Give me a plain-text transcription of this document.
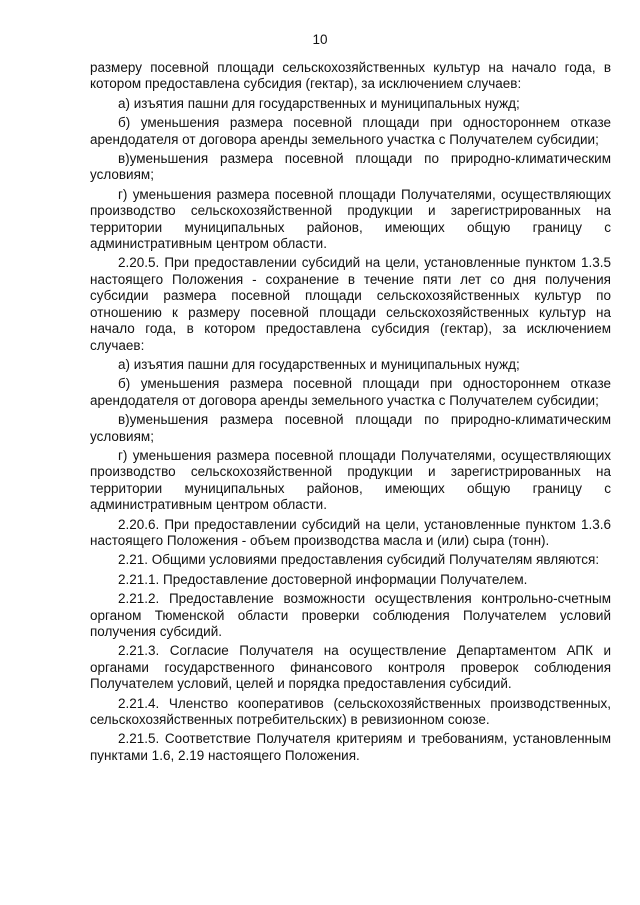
10

размеру посевной площади сельскохозяйственных культур на начало года, в котором предоставлена субсидия (гектар), за исключением случаев:

а) изъятия пашни для государственных и муниципальных нужд;

б) уменьшения размера посевной площади при одностороннем отказе арендодателя от договора аренды земельного участка с Получателем субсидии;

в)уменьшения размера посевной площади по природно-климатическим условиям;

г) уменьшения размера посевной площади Получателями, осуществляющих производство сельскохозяйственной продукции и зарегистрированных на территории муниципальных районов, имеющих общую границу с административным центром области.

2.20.5. При предоставлении субсидий на цели, установленные пунктом 1.3.5 настоящего Положения - сохранение в течение пяти лет со дня получения субсидии размера посевной площади сельскохозяйственных культур по отношению к размеру посевной площади сельскохозяйственных культур на начало года, в котором предоставлена субсидия (гектар), за исключением случаев:

а) изъятия пашни для государственных и муниципальных нужд;

б) уменьшения размера посевной площади при одностороннем отказе арендодателя от договора аренды земельного участка с Получателем субсидии;

в)уменьшения размера посевной площади по природно-климатическим условиям;

г) уменьшения размера посевной площади Получателями, осуществляющих производство сельскохозяйственной продукции и зарегистрированных на территории муниципальных районов, имеющих общую границу с административным центром области.

2.20.6. При предоставлении субсидий на цели, установленные пунктом 1.3.6 настоящего Положения - объем производства масла и (или) сыра (тонн).

2.21. Общими условиями предоставления субсидий Получателям являются:

2.21.1. Предоставление достоверной информации Получателем.

2.21.2. Предоставление возможности осуществления контрольно-счетным органом Тюменской области проверки соблюдения Получателем условий получения субсидий.

2.21.3. Согласие Получателя на осуществление Департаментом АПК и органами государственного финансового контроля проверок соблюдения Получателем условий, целей и порядка предоставления субсидий.

2.21.4. Членство кооперативов (сельскохозяйственных производственных, сельскохозяйственных потребительских) в ревизионном союзе.

2.21.5. Соответствие Получателя критериям и требованиям, установленным пунктами 1.6, 2.19 настоящего Положения.
